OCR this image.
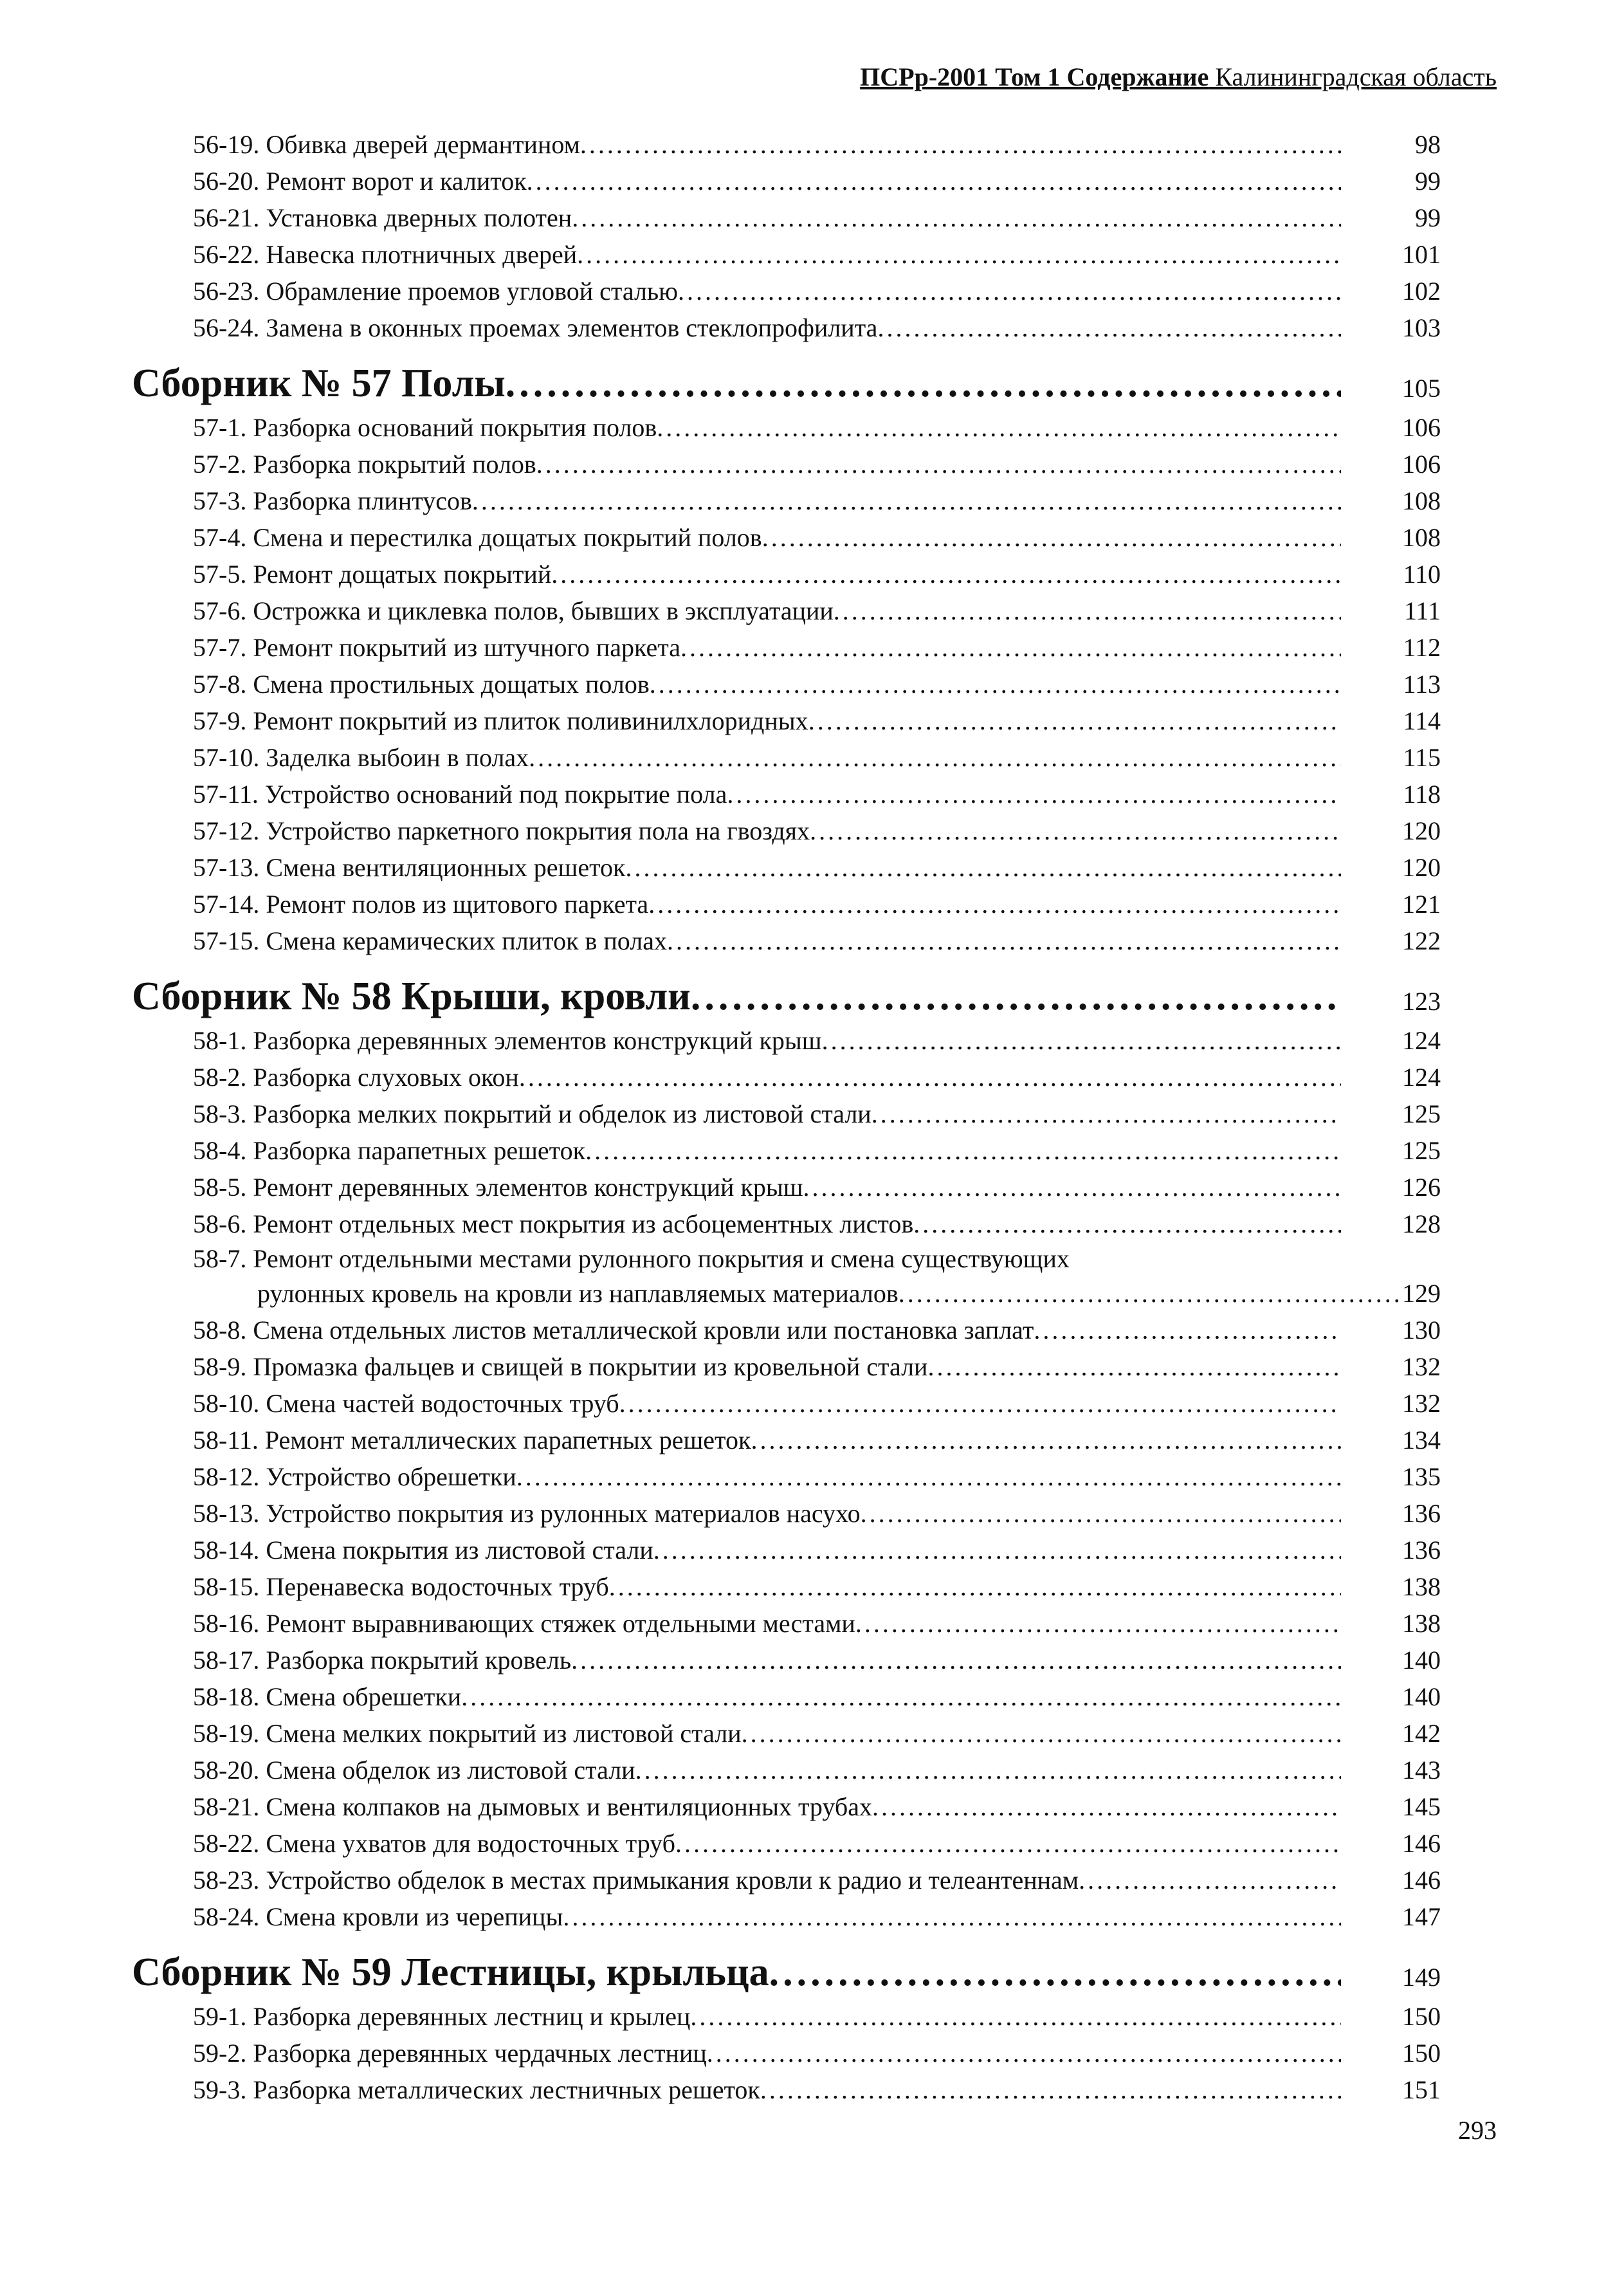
ПСРр-2001 Том 1 Содержание Калининградская область
56-19. Обивка дверей дермантином .....	98
56-20. Ремонт ворот и калиток .....	99
56-21. Установка дверных полотен .....	99
56-22. Навеска плотничных дверей .....	101
56-23. Обрамление проемов угловой сталью .....	102
56-24. Замена в оконных проемах элементов стеклопрофилита .....	103
Сборник № 57 Полы .....	105
57-1. Разборка оснований покрытия полов .....	106
57-2. Разборка покрытий полов .....	106
57-3. Разборка плинтусов .....	108
57-4. Смена и перестилка дощатых покрытий полов .....	108
57-5. Ремонт дощатых покрытий .....	110
57-6. Острожка и циклевка полов, бывших в эксплуатации .....	111
57-7. Ремонт покрытий из штучного паркета .....	112
57-8. Смена простильных дощатых полов .....	113
57-9. Ремонт покрытий из плиток поливинилхлоридных .....	114
57-10. Заделка выбоин в полах .....	115
57-11. Устройство оснований под покрытие пола .....	118
57-12. Устройство паркетного покрытия пола на гвоздях .....	120
57-13. Смена вентиляционных решеток .....	120
57-14. Ремонт полов из щитового паркета .....	121
57-15. Смена керамических плиток в полах .....	122
Сборник № 58 Крыши, кровли .....	123
58-1. Разборка деревянных элементов конструкций крыш .....	124
58-2. Разборка слуховых окон .....	124
58-3. Разборка мелких покрытий и обделок из листовой стали .....	125
58-4. Разборка парапетных решеток .....	125
58-5. Ремонт деревянных элементов конструкций крыш .....	126
58-6. Ремонт отдельных мест покрытия из асбоцементных листов .....	128
58-7. Ремонт отдельными местами рулонного покрытия и смена существующих
рулонных кровель на кровли из наплавляемых материалов .....	129
58-8. Смена отдельных листов металлической кровли или постановка заплат .....	130
58-9. Промазка фальцев и свищей в покрытии из кровельной стали .....	132
58-10. Смена частей водосточных труб .....	132
58-11. Ремонт металлических парапетных решеток .....	134
58-12. Устройство обрешетки .....	135
58-13. Устройство покрытия из рулонных материалов насухо .....	136
58-14. Смена покрытия из листовой стали .....	136
58-15. Перенавеска водосточных труб .....	138
58-16. Ремонт выравнивающих стяжек отдельными местами .....	138
58-17. Разборка покрытий кровель .....	140
58-18. Смена обрешетки .....	140
58-19. Смена мелких покрытий из листовой стали .....	142
58-20. Смена обделок из листовой стали .....	143
58-21. Смена колпаков на дымовых и вентиляционных трубах .....	145
58-22. Смена ухватов для водосточных труб .....	146
58-23. Устройство обделок в местах примыкания кровли к радио и телеантеннам .....	146
58-24. Смена кровли из черепицы .....	147
Сборник № 59 Лестницы, крыльца .....	149
59-1. Разборка деревянных лестниц и крылец .....	150
59-2. Разборка деревянных чердачных лестниц .....	150
59-3. Разборка металлических лестничных решеток .....	151
293
